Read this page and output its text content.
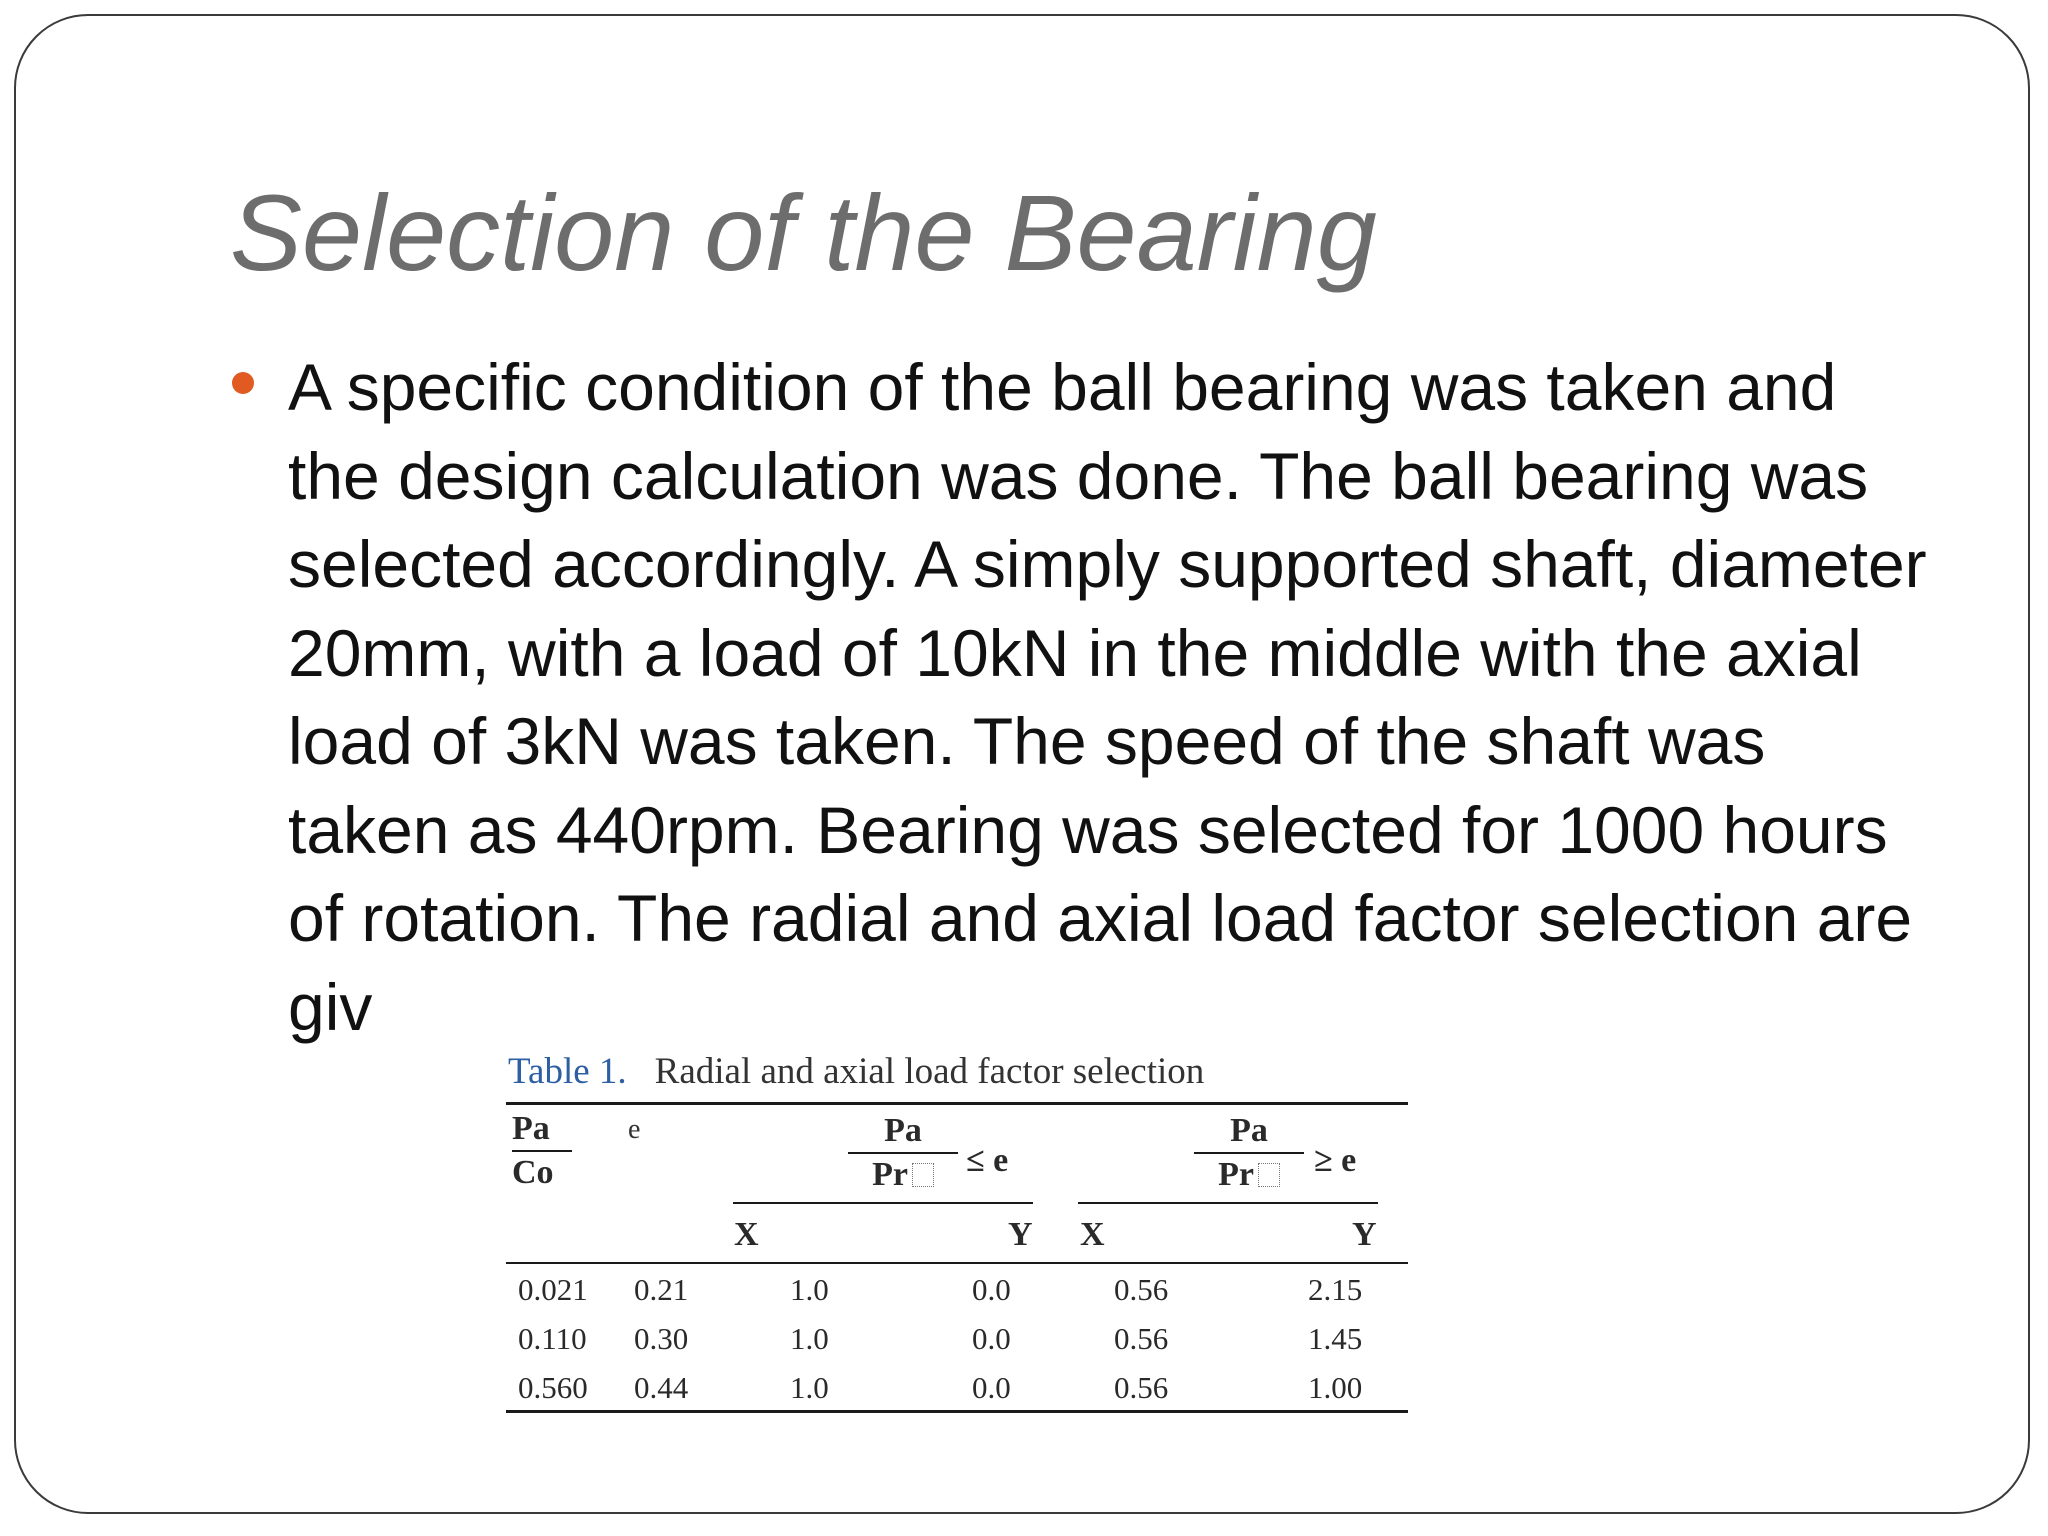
Selection of the Bearing

A specific condition of the ball bearing was taken and the design calculation was done. The ball bearing was selected accordingly. A simply supported shaft, diameter 20mm, with a load of 10kN in the middle with the axial load of 3kN was taken. The speed of the shaft was taken as 440rpm. Bearing was selected for 1000 hours of rotation. The radial and axial load factor selection are giv

Table 1. Radial and axial load factor selection
$\frac{Pa}{Co}$ e	$\frac{Pa}{Pr} \le e$	$\frac{Pa}{Pr} \ge e$
X	Y X	Y
0.021 0.21	1.0	0.0	0.56	2.15
0.110 0.30	1.0	0.0	0.56	1.45
0.560 0.44	1.0	0.0	0.56	1.00
